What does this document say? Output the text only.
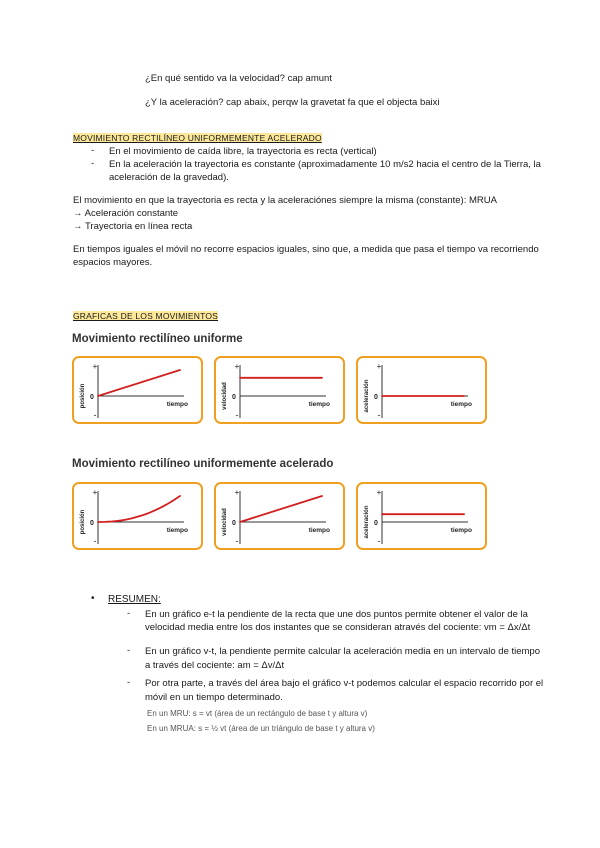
¿En qué sentido va la velocidad? cap amunt
¿Y la aceleración? cap abaix, perqw la gravetat fa que el objecta baixi
MOVIMIENTO RECTILÍNEO UNIFORMEMENTE ACELERADO
- En el movimiento de caída libre, la trayectoria es recta (vertical)
- En la aceleración la trayectoria es constante (aproximadamente 10 m/s2 hacia el centro de la Tierra, la
aceleración de la gravedad).
El movimiento en que la trayectoria es recta y la aceleraciónes siempre la misma (constante): MRUA
→ Aceleración constante
→ Trayectoria en línea recta
En tiempos iguales el móvil no recorre espacios iguales, sino que, a medida que pasa el tiempo va recorriendo
espacios mayores.
GRAFICAS DE LOS MOVIMIENTOS
Movimiento rectilíneo uniforme
+
-
0
tiempo
posición
+
-
0
tiempo
velocidad
+
-
0
tiempo
aceleración
Movimiento rectilíneo uniformemente acelerado
+
-
0
tiempo
posición
+
-
0
tiempo
velocidad
+
-
0
tiempo
aceleración
• RESUMEN:
- En un gráfico e-t la pendiente de la recta que une dos puntos permite obtener el valor de la
velocidad media entre los dos instantes que se consideran através del cociente: vm = Δx/Δt
- En un gráfico v-t, la pendiente permite calcular la aceleración media en un intervalo de tiempo
a través del cociente: am = Δv/Δt
- Por otra parte, a través del área bajo el gráfico v-t podemos calcular el espacio recorrido por el
móvil en un tiempo determinado.
En un MRU: s = vt (área de un rectángulo de base t y altura v)
En un MRUA: s = ½ vt (área de un triángulo de base t y altura v)
